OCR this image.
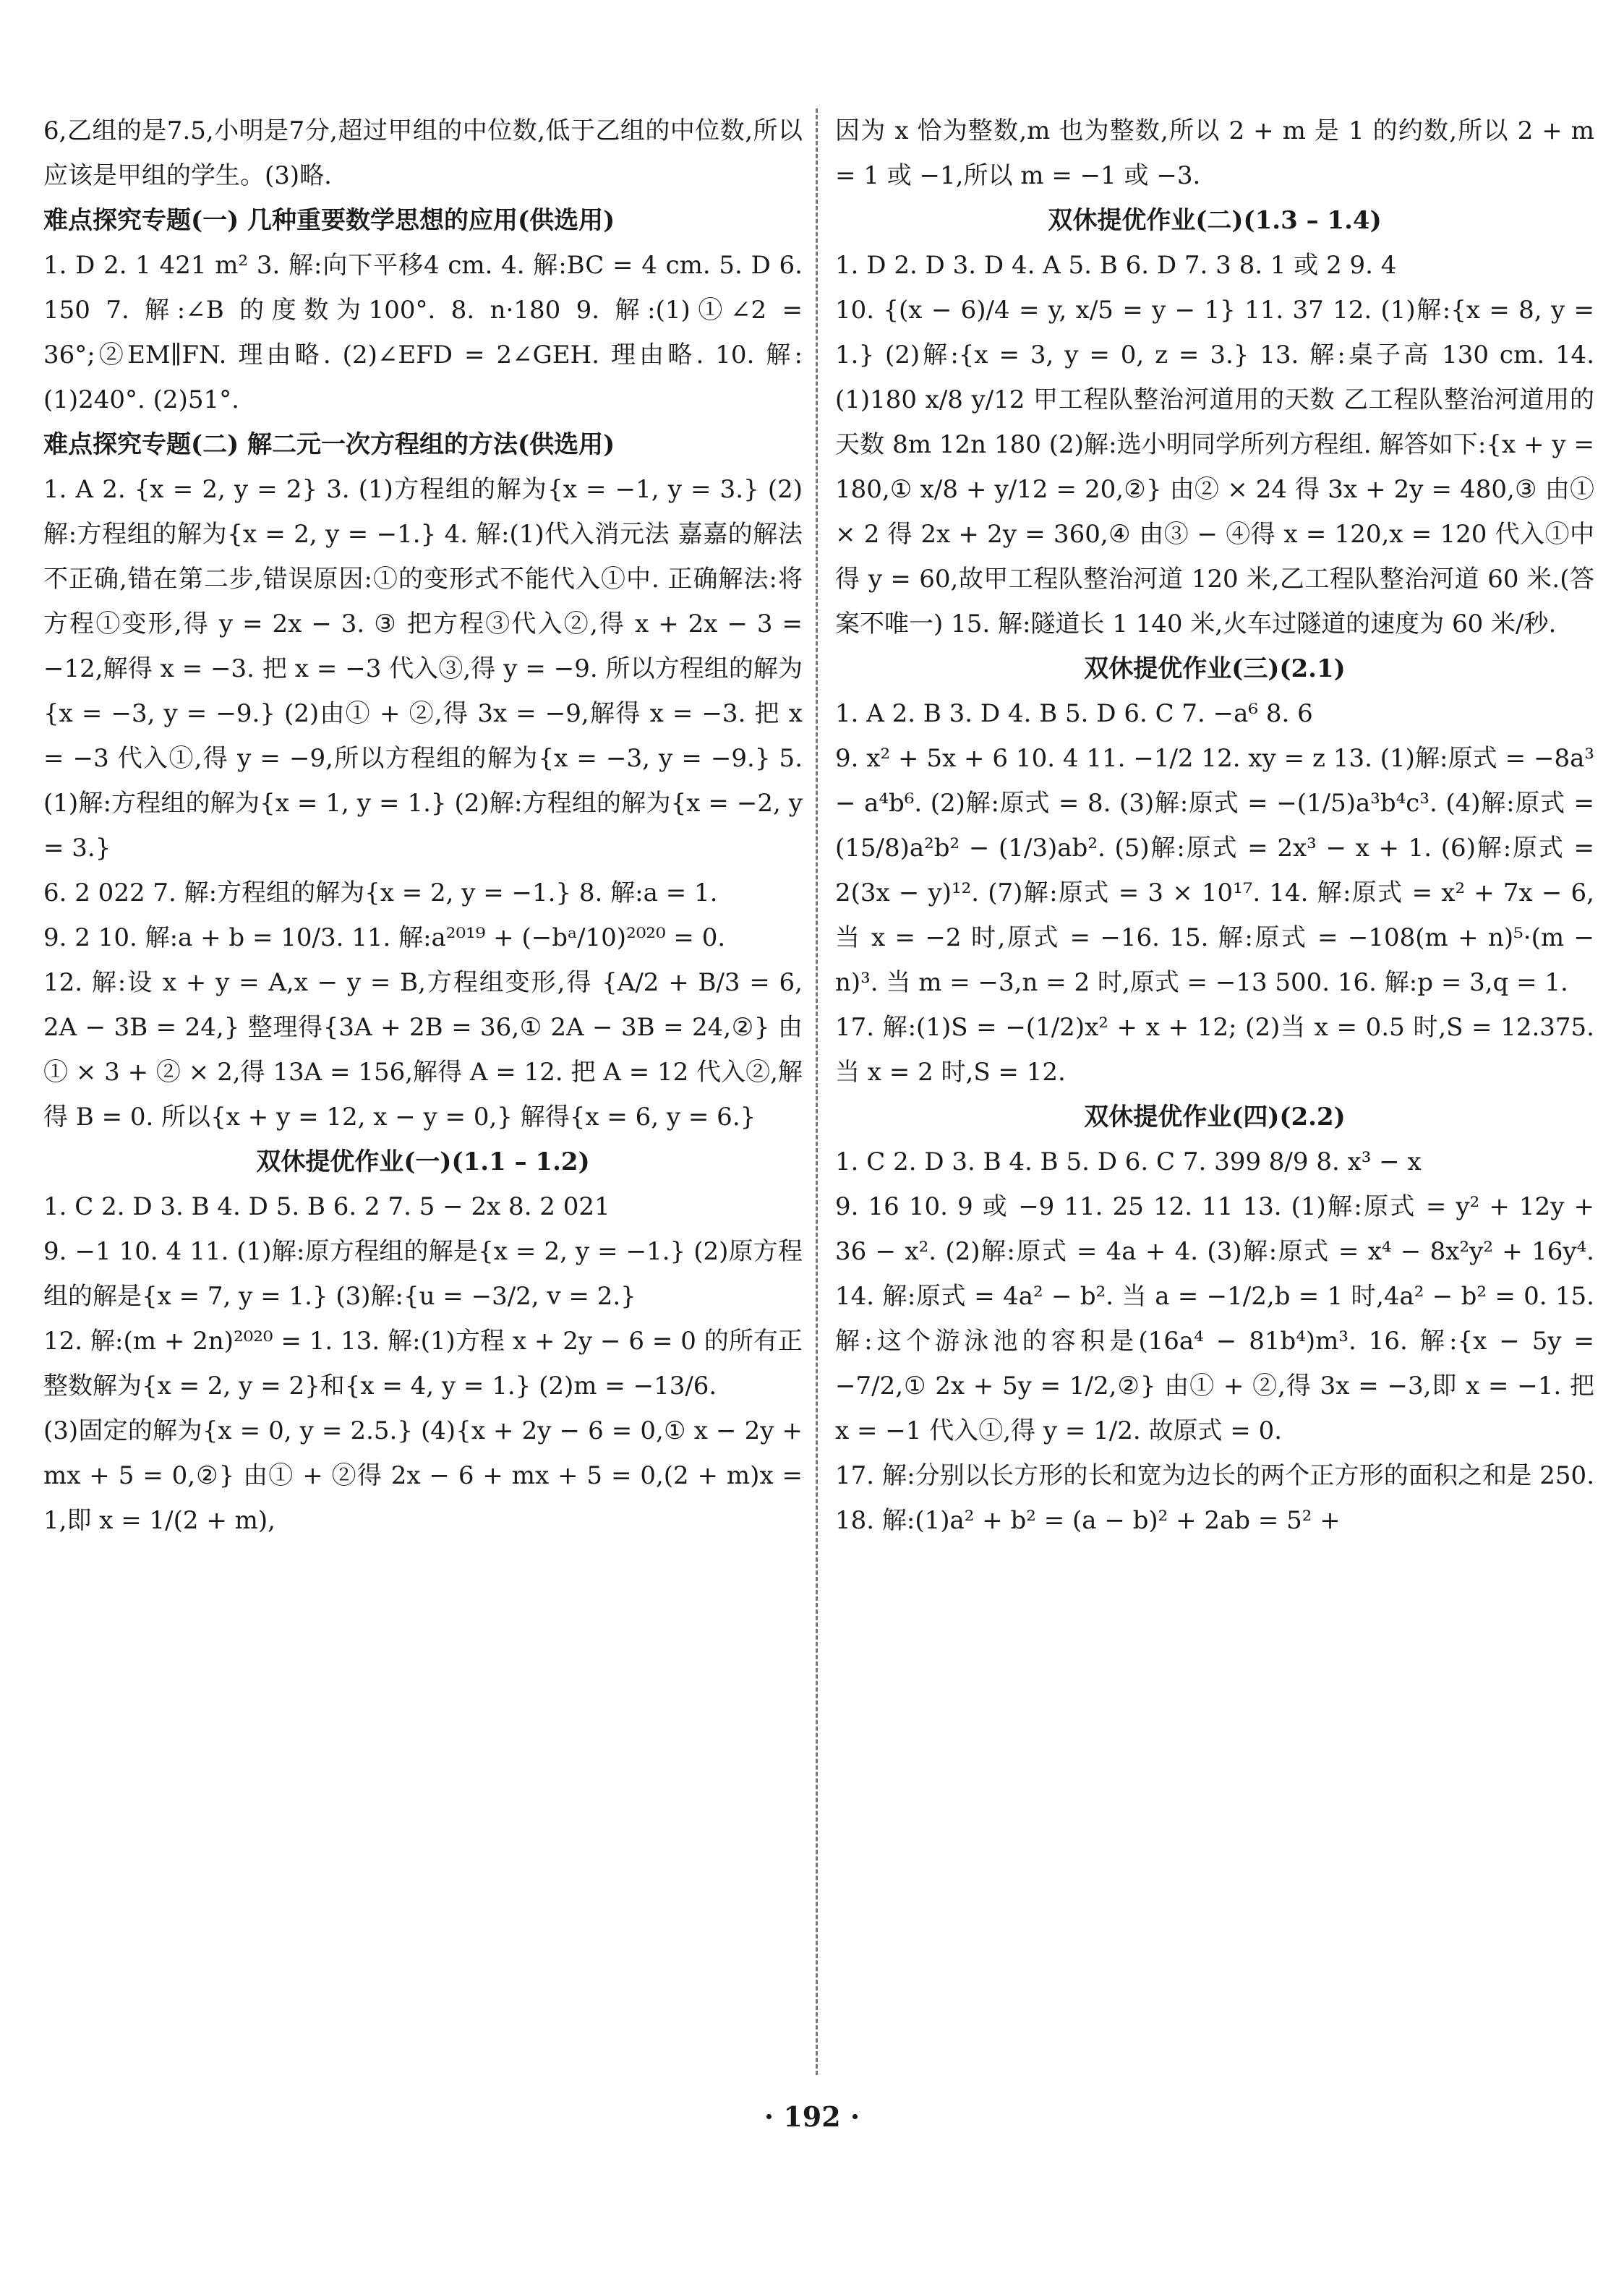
6,乙组的是7.5,小明是7分,超过甲组的中位数,低于乙组的中位数,所以应该是甲组的学生。(3)略.
难点探究专题(一) 几种重要数学思想的应用(供选用)
1. D 2. 1 421 m² 3. 解:向下平移4 cm. 4. 解:BC = 4 cm. 5. D 6. 150 7. 解:∠B 的度数为100°. 8. n·180 9. 解:(1)①∠2 = 36°;②EM∥FN. 理由略. (2)∠EFD = 2∠GEH. 理由略. 10. 解:(1)240°. (2)51°.
难点探究专题(二) 解二元一次方程组的方法(供选用)
1. A 2. {x = 2, y = 2} 3. (1)方程组的解为{x = −1, y = 3.} (2)解:方程组的解为{x = 2, y = −1.} 4. 解:(1)代入消元法 嘉嘉的解法不正确,错在第二步,错误原因:①的变形式不能代入①中. 正确解法:将方程①变形,得 y = 2x − 3. ③ 把方程③代入②,得 x + 2x − 3 = −12,解得 x = −3. 把 x = −3 代入③,得 y = −9. 所以方程组的解为{x = −3, y = −9.} (2)由① + ②,得 3x = −9,解得 x = −3. 把 x = −3 代入①,得 y = −9,所以方程组的解为{x = −3, y = −9.} 5. (1)解:方程组的解为{x = 1, y = 1.} (2)解:方程组的解为{x = −2, y = 3.}
6. 2 022 7. 解:方程组的解为{x = 2, y = −1.} 8. 解:a = 1.
9. 2 10. 解:a + b = 10/3. 11. 解:a²⁰¹⁹ + (−bᵃ/10)²⁰²⁰ = 0.
12. 解:设 x + y = A,x − y = B,方程组变形,得 {A/2 + B/3 = 6, 2A − 3B = 24,} 整理得{3A + 2B = 36,① 2A − 3B = 24,②} 由① × 3 + ② × 2,得 13A = 156,解得 A = 12. 把 A = 12 代入②,解得 B = 0. 所以{x + y = 12, x − y = 0,} 解得{x = 6, y = 6.}
双休提优作业(一)(1.1 – 1.2)
1. C 2. D 3. B 4. D 5. B 6. 2 7. 5 − 2x 8. 2 021
9. −1 10. 4 11. (1)解:原方程组的解是{x = 2, y = −1.} (2)原方程组的解是{x = 7, y = 1.} (3)解:{u = −3/2, v = 2.}
12. 解:(m + 2n)²⁰²⁰ = 1. 13. 解:(1)方程 x + 2y − 6 = 0 的所有正整数解为{x = 2, y = 2}和{x = 4, y = 1.} (2)m = −13/6.
(3)固定的解为{x = 0, y = 2.5.} (4){x + 2y − 6 = 0,① x − 2y + mx + 5 = 0,②} 由① + ②得 2x − 6 + mx + 5 = 0,(2 + m)x = 1,即 x = 1/(2 + m),
因为 x 恰为整数,m 也为整数,所以 2 + m 是 1 的约数,所以 2 + m = 1 或 −1,所以 m = −1 或 −3.
双休提优作业(二)(1.3 – 1.4)
1. D 2. D 3. D 4. A 5. B 6. D 7. 3 8. 1 或 2 9. 4
10. {(x − 6)/4 = y, x/5 = y − 1} 11. 37 12. (1)解:{x = 8, y = 1.} (2)解:{x = 3, y = 0, z = 3.} 13. 解:桌子高 130 cm. 14. (1)180 x/8 y/12 甲工程队整治河道用的天数 乙工程队整治河道用的天数 8m 12n 180 (2)解:选小明同学所列方程组. 解答如下:{x + y = 180,① x/8 + y/12 = 20,②} 由② × 24 得 3x + 2y = 480,③ 由① × 2 得 2x + 2y = 360,④ 由③ − ④得 x = 120,x = 120 代入①中得 y = 60,故甲工程队整治河道 120 米,乙工程队整治河道 60 米.(答案不唯一) 15. 解:隧道长 1 140 米,火车过隧道的速度为 60 米/秒.
双休提优作业(三)(2.1)
1. A 2. B 3. D 4. B 5. D 6. C 7. −a⁶ 8. 6
9. x² + 5x + 6 10. 4 11. −1/2 12. xy = z 13. (1)解:原式 = −8a³ − a⁴b⁶. (2)解:原式 = 8. (3)解:原式 = −(1/5)a³b⁴c³. (4)解:原式 = (15/8)a²b² − (1/3)ab². (5)解:原式 = 2x³ − x + 1. (6)解:原式 = 2(3x − y)¹². (7)解:原式 = 3 × 10¹⁷. 14. 解:原式 = x² + 7x − 6,当 x = −2 时,原式 = −16. 15. 解:原式 = −108(m + n)⁵·(m − n)³. 当 m = −3,n = 2 时,原式 = −13 500. 16. 解:p = 3,q = 1.
17. 解:(1)S = −(1/2)x² + x + 12; (2)当 x = 0.5 时,S = 12.375. 当 x = 2 时,S = 12.
双休提优作业(四)(2.2)
1. C 2. D 3. B 4. B 5. D 6. C 7. 399 8/9 8. x³ − x
9. 16 10. 9 或 −9 11. 25 12. 11 13. (1)解:原式 = y² + 12y + 36 − x². (2)解:原式 = 4a + 4. (3)解:原式 = x⁴ − 8x²y² + 16y⁴. 14. 解:原式 = 4a² − b². 当 a = −1/2,b = 1 时,4a² − b² = 0. 15. 解:这个游泳池的容积是(16a⁴ − 81b⁴)m³. 16. 解:{x − 5y = −7/2,① 2x + 5y = 1/2,②} 由① + ②,得 3x = −3,即 x = −1. 把 x = −1 代入①,得 y = 1/2. 故原式 = 0.
17. 解:分别以长方形的长和宽为边长的两个正方形的面积之和是 250. 18. 解:(1)a² + b² = (a − b)² + 2ab = 5² +
· 192 ·
